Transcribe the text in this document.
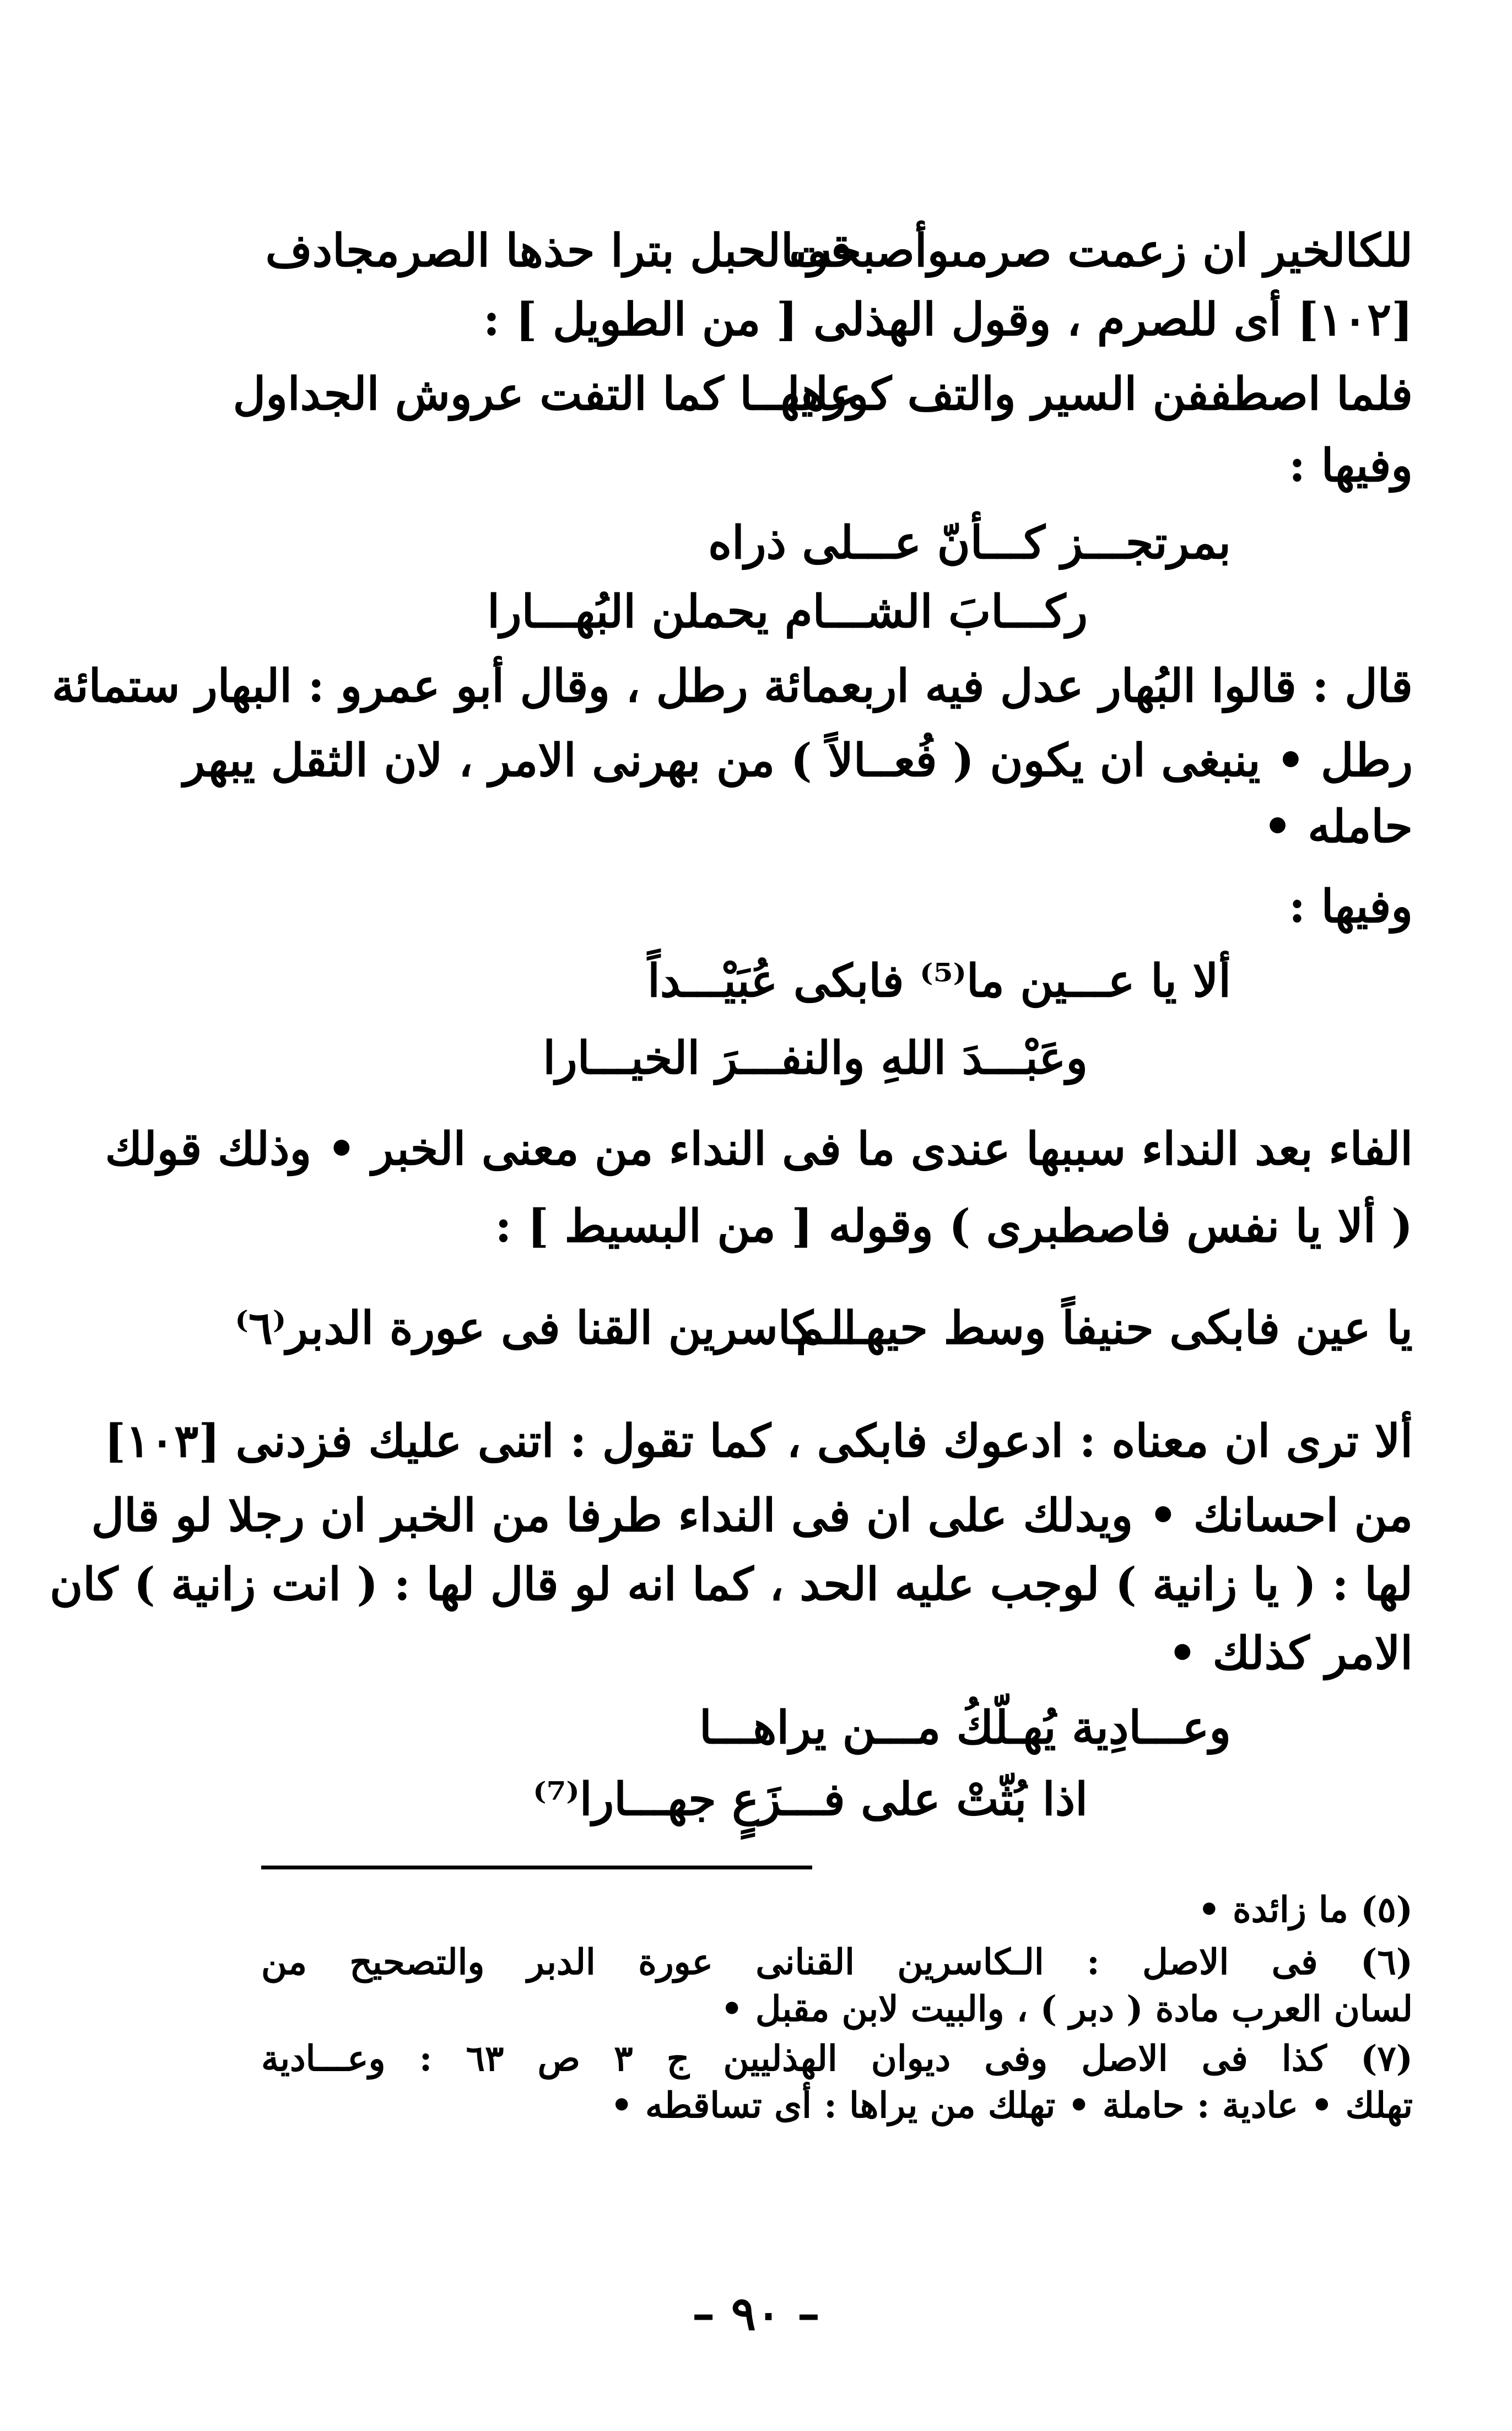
للكالخير ان زعمت صرمىوأصبحت
قوىالحبل بترا حذها الصرمجادف
[١٠٢] أى للصرم ، وقول الهذلى [ من الطويل ] :
فلما اصطففن السير والتف كورها
عليهــا كما التفت عروش الجداول
وفيها :
بمرتجـــز كـــأنّ عـــلى ذراه
ركـــابَ الشـــام يحملن البُهـــارا
قال : قالوا البُهار عدل فيه اربعمائة رطل ، وقال أبو عمرو : البهار ستمائة
رطل • ينبغى ان يكون ( فُعــالاً ) من بهرنى الامر ، لان الثقل يبهر
حامله •
وفيها :
ألا يا عـــين ما⁽⁵⁾ فابكى عُبَيْـــداً
وعَبْـــدَ اللهِ والنفـــرَ الخيـــارا
الفاء بعد النداء سببها عندى ما فى النداء من معنى الخبر • وذلك قولك
( ألا يا نفس فاصطبرى ) وقوله [ من البسيط ] :
يا عين فابكى حنيفاً وسط حيهـــم
الـكاسرين القنا فى عورة الدبر⁽٦⁾
ألا ترى ان معناه : ادعوك فابكى ، كما تقول : اتنى عليك فزدنى [١٠٣]
من احسانك • ويدلك على ان فى النداء طرفا من الخبر ان رجلا لو قال
لها : ( يا زانية ) لوجب عليه الحد ، كما انه لو قال لها : ( انت زانية ) كان
الامر كذلك •
وعـــادِية يُهـلّكُ مـــن يراهـــا
اذا بُثّتْ على فـــزَعٍ جهـــارا⁽⁷⁾
(٥) ما زائدة •
(٦) فى الاصل : الـكاسرين القنانى عورة الدبر والتصحيح من
لسان العرب مادة ( دبر ) ، والبيت لابن مقبل •
(٧) كذا فى الاصل وفى ديوان الهذليين ج ٣ ص ٦٣ : وعـــادية
تهلك • عادية : حاملة • تهلك من يراها : أى تساقطه •
– ٩٠ –
